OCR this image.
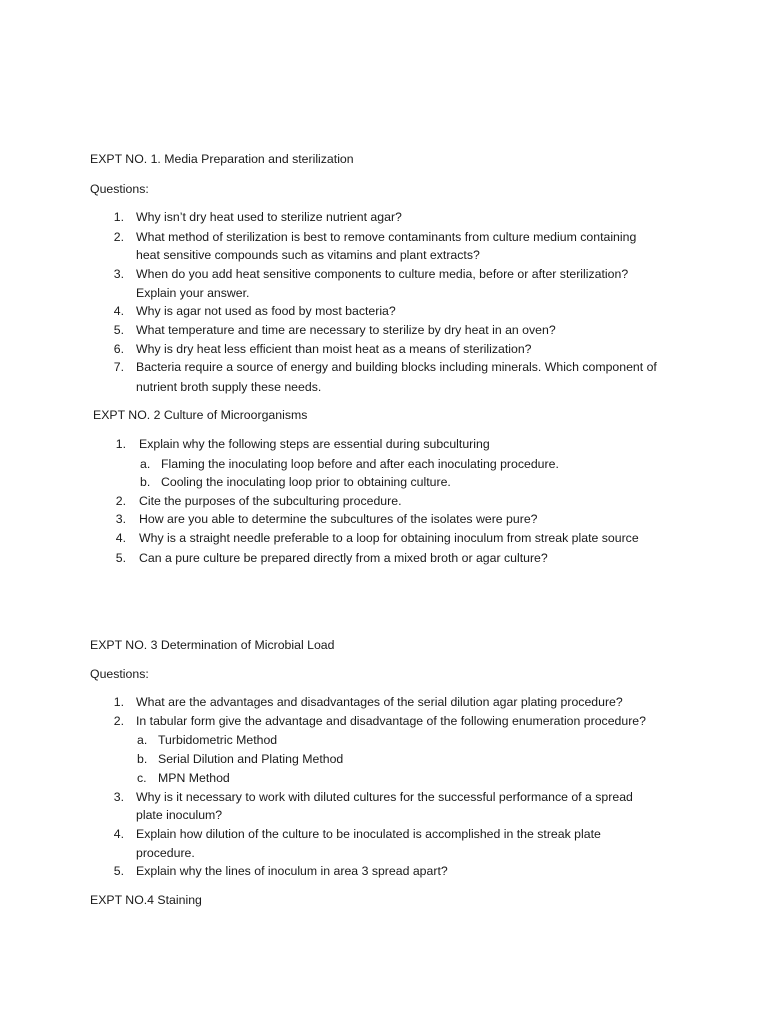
EXPT NO. 1. Media Preparation and sterilization
Questions:
1. Why isn’t dry heat used to sterilize nutrient agar?
2. What method of sterilization is best to remove contaminants from culture medium containing
heat sensitive compounds such as vitamins and plant extracts?
3. When do you add heat sensitive components to culture media, before or after sterilization?
Explain your answer.
4. Why is agar not used as food by most bacteria?
5. What temperature and time are necessary to sterilize by dry heat in an oven?
6. Why is dry heat less efficient than moist heat as a means of sterilization?
7. Bacteria require a source of energy and building blocks including minerals. Which component of
nutrient broth supply these needs.
EXPT NO. 2 Culture of Microorganisms
1. Explain why the following steps are essential during subculturing
a. Flaming the inoculating loop before and after each inoculating procedure.
b. Cooling the inoculating loop prior to obtaining culture.
2. Cite the purposes of the subculturing procedure.
3. How are you able to determine the subcultures of the isolates were pure?
4. Why is a straight needle preferable to a loop for obtaining inoculum from streak plate source
5. Can a pure culture be prepared directly from a mixed broth or agar culture?
EXPT NO. 3 Determination of Microbial Load
Questions:
1. What are the advantages and disadvantages of the serial dilution agar plating procedure?
2. In tabular form give the advantage and disadvantage of the following enumeration procedure?
a. Turbidometric Method
b. Serial Dilution and Plating Method
c. MPN Method
3. Why is it necessary to work with diluted cultures for the successful performance of a spread
plate inoculum?
4. Explain how dilution of the culture to be inoculated is accomplished in the streak plate
procedure.
5. Explain why the lines of inoculum in area 3 spread apart?
EXPT NO.4 Staining
